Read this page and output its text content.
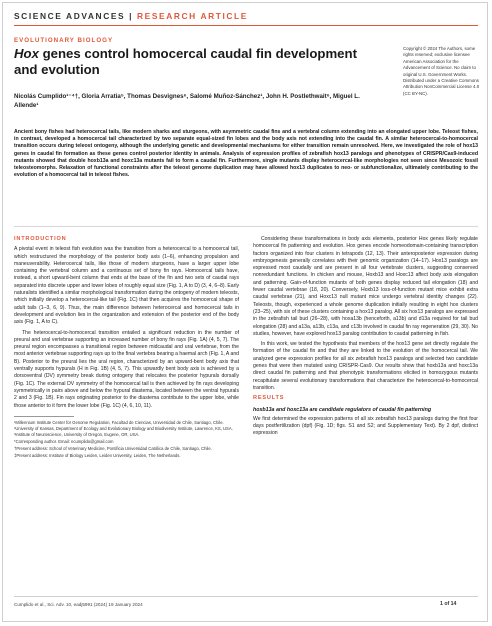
SCIENCE ADVANCES | RESEARCH ARTICLE
EVOLUTIONARY BIOLOGY
Hox genes control homocercal caudal fin development and evolution
Nicolás Cumplido¹⁻⁴†, Gloria Arratia⁵, Thomas Desvignes⁶, Salomé Muñoz-Sánchez¹, John H. Postlethwait⁶, Miguel L. Allende¹
Copyright © 2024 The Authors, some rights reserved; exclusive licensee American Association for the Advancement of Science. No claim to original U.S. Government Works. Distributed under a Creative Commons Attribution NonCommercial License 4.0 (CC BY-NC).
Ancient bony fishes had heterocercal tails, like modern sharks and sturgeons, with asymmetric caudal fins and a vertebral column extending into an elongated upper lobe. Teleost fishes, in contrast, developed a homocercal tail characterized by two separate equal-sized fin lobes and the body axis not extending into the caudal fin. A similar heterocercal-to-homocercal transition occurs during teleost ontogeny, although the underlying genetic and developmental mechanisms for either transition remain unresolved. Here, we investigated the role of hox13 genes in caudal fin formation as these genes control posterior identity in animals. Analysis of expression profiles of zebrafish hox13 paralogs and phenotypes of CRISPR/Cas9-induced mutants showed that double hoxb13a and hoxc13a mutants fail to form a caudal fin. Furthermore, single mutants display heterocercal-like morphologies not seen since Mesozoic fossil teleosteomorphs. Relaxation of functional constraints after the teleost genome duplication may have allowed hox13 duplicates to neo- or subfunctionalize, ultimately contributing to the evolution of a homocercal tail in teleost fishes.
INTRODUCTION

A pivotal event in teleost fish evolution was the transition from a heterocercal to a homocercal tail, which restructured the morphology of the posterior body axis (1–6), enhancing propulsion and maneuverability. Heterocercal tails, like those of modern sturgeons, have a larger upper lobe containing the vertebral column and a continuous set of bony fin rays. Homocercal tails have, instead, a short upward-bent column that ends at the base of the fin and two sets of caudal rays separated into discrete upper and lower lobes of roughly equal size (Fig. 1, A to D) (3, 4, 6–8). Early naturalists identified a similar morphological transformation during the ontogeny of modern teleosts, which initially develop a heterocercal-like tail (Fig. 1C) that then acquires the homocercal shape of adult tails (1–3, 6, 9). Thus, the main difference between heterocercal and homocercal tails in development and evolution lies in the organization and extension of the posterior end of the body axis (Fig. 1, A to C).

The heterocercal-to-homocercal transition entailed a significant reduction in the number of preural and ural vertebrae supporting an increased number of bony fin rays (Fig. 1A) (4, 5, 7). The preural region encompasses a transitional region between midcaudal and ural vertebrae, from the most anterior vertebrae supporting rays up to the final vertebra bearing a haemal arch (Fig. 1, A and B). Posterior to the preural lies the ural region, characterized by an upward-bent body axis that ventrally supports hypurals (H in Fig. 1B) (4, 5, 7). This upwardly bent body axis is achieved by a dorsoventral (DV) symmetry break during ontogeny that relocates the posterior hypurals dorsally (Fig. 1C). The external DV symmetry of the homocercal tail is then achieved by fin rays developing symmetrically in pairs above and below the hypural diastema, located between the ventral hypurals 2 and 3 (Fig. 1B). Fin rays originating posterior to the diastema contribute to the upper lobe, while those anterior to it form the lower lobe (Fig. 1C) (4, 6, 10, 11).

¹Millennium Institute Center for Genome Regulation, Facultad de Ciencias, Universidad de Chile, Santiago, Chile. ²University of Kansas, Department of Ecology and Evolutionary Biology and Biodiversity Institute, Lawrence, KS, USA. ³Institute of Neuroscience, University of Oregon, Eugene, OR, USA.

*Corresponding author. Email: ncumplido@gmail.com

†Present address: School of Veterinary Medicine, Pontificia Universidad Católica de Chile, Santiago, Chile.

‡Present address: Institute of Biology Leiden, Leiden University, Leiden, The Netherlands.

Considering these transformations in body axis elements, posterior Hox genes likely regulate homocercal fin patterning and evolution. Hox genes encode homeodomain-containing transcription factors organized into four clusters in tetrapods (12, 13). Their anteroposterior expression during embryogenesis generally correlates with their genomic organization (14–17). Hox13 paralogs are expressed most caudally and are present in all four vertebrate clusters, suggesting conserved nonredundant functions. In chicken and mouse, Hoxb13 and Hoxc13 affect body axis elongation and patterning. Gain-of-function mutants of both genes display reduced tail elongation (18) and fewer caudal vertebrae (18, 20). Conversely, Hoxb13 loss-of-function mutant mice exhibit extra caudal vertebrae (21), and Hoxc13 null mutant mice undergo vertebral identity changes (22). Teleosts, though, experienced a whole genome duplication initially resulting in eight hox clusters (23–25), with six of these clusters containing a hox13 paralog. All six hox13 paralogs are expressed in the zebrafish tail bud (26–28), with hoxa13b (henceforth, a13b) and d13a required for tail bud elongation (28) and a13a, a13b, c13a, and c13b involved in caudal fin ray regeneration (29, 30). No studies, however, have explored hox13 paralog contribution to caudal patterning in fish.

In this work, we tested the hypothesis that members of the hox13 gene set directly regulate the formation of the caudal fin and that they are linked to the evolution of the homocercal tail. We analyzed gene expression profiles for all six zebrafish hox13 paralogs and selected two candidate genes that were then mutated using CRISPR-Cas9. Our results show that hoxb13a and hoxc13a direct caudal fin patterning and that phenotypic transformations elicited in homozygous mutants recapitulate several evolutionary transformations that characterize the heterocercal-to-homocercal transition.

RESULTS
hoxb13a and hoxc13a are candidate regulators of caudal fin patterning

We first determined the expression patterns of all six zebrafish hox13 paralogs during the first four days postfertilization (dpf) (Fig. 1D; figs. S1 and S2; and Supplementary Text). By 2 dpf, distinct expression

Cumplido et al., Sci. Adv. 10, eadj5991 (2024) 19 January 2024	1 of 14
